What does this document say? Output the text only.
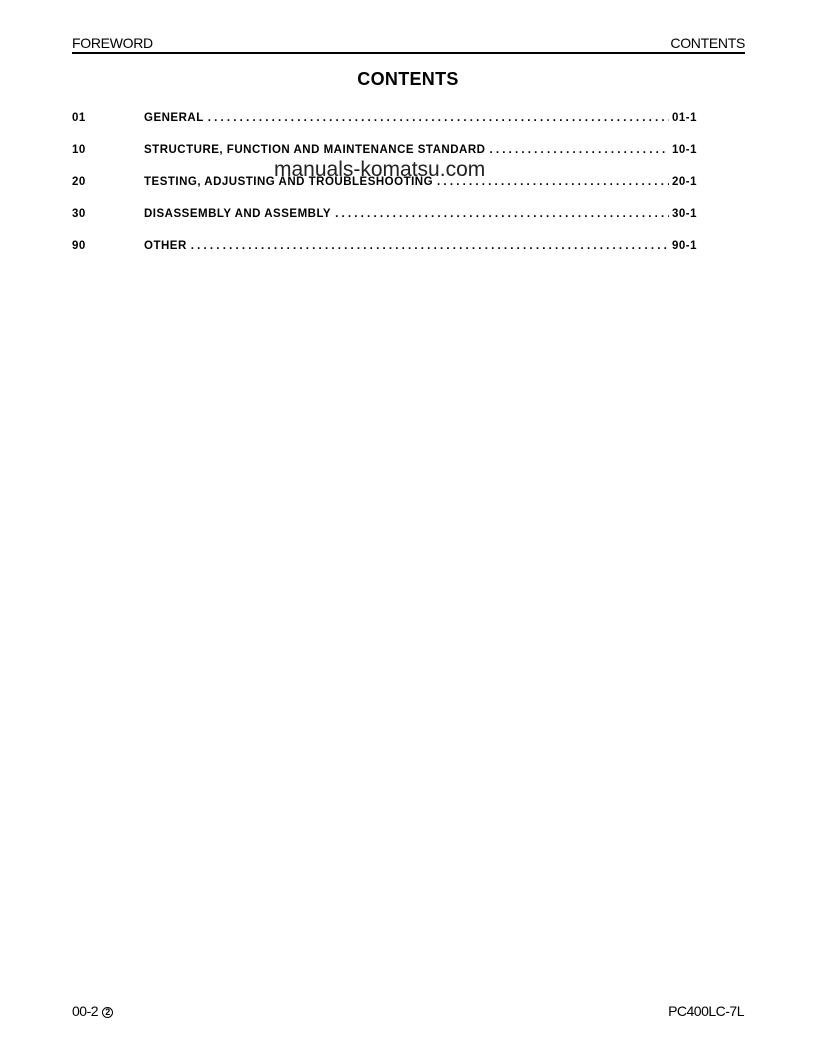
FOREWORD	CONTENTS
CONTENTS
01	GENERAL . . .	01-1
10	STRUCTURE, FUNCTION AND MAINTENANCE STANDARD . . .	10-1
20	TESTING, ADJUSTING AND TROUBLESHOOTING . . .	20-1
30	DISASSEMBLY AND ASSEMBLY . . .	30-1
90	OTHER . . .	90-1
manuals-komatsu.com
00-2 2	PC400LC-7L
